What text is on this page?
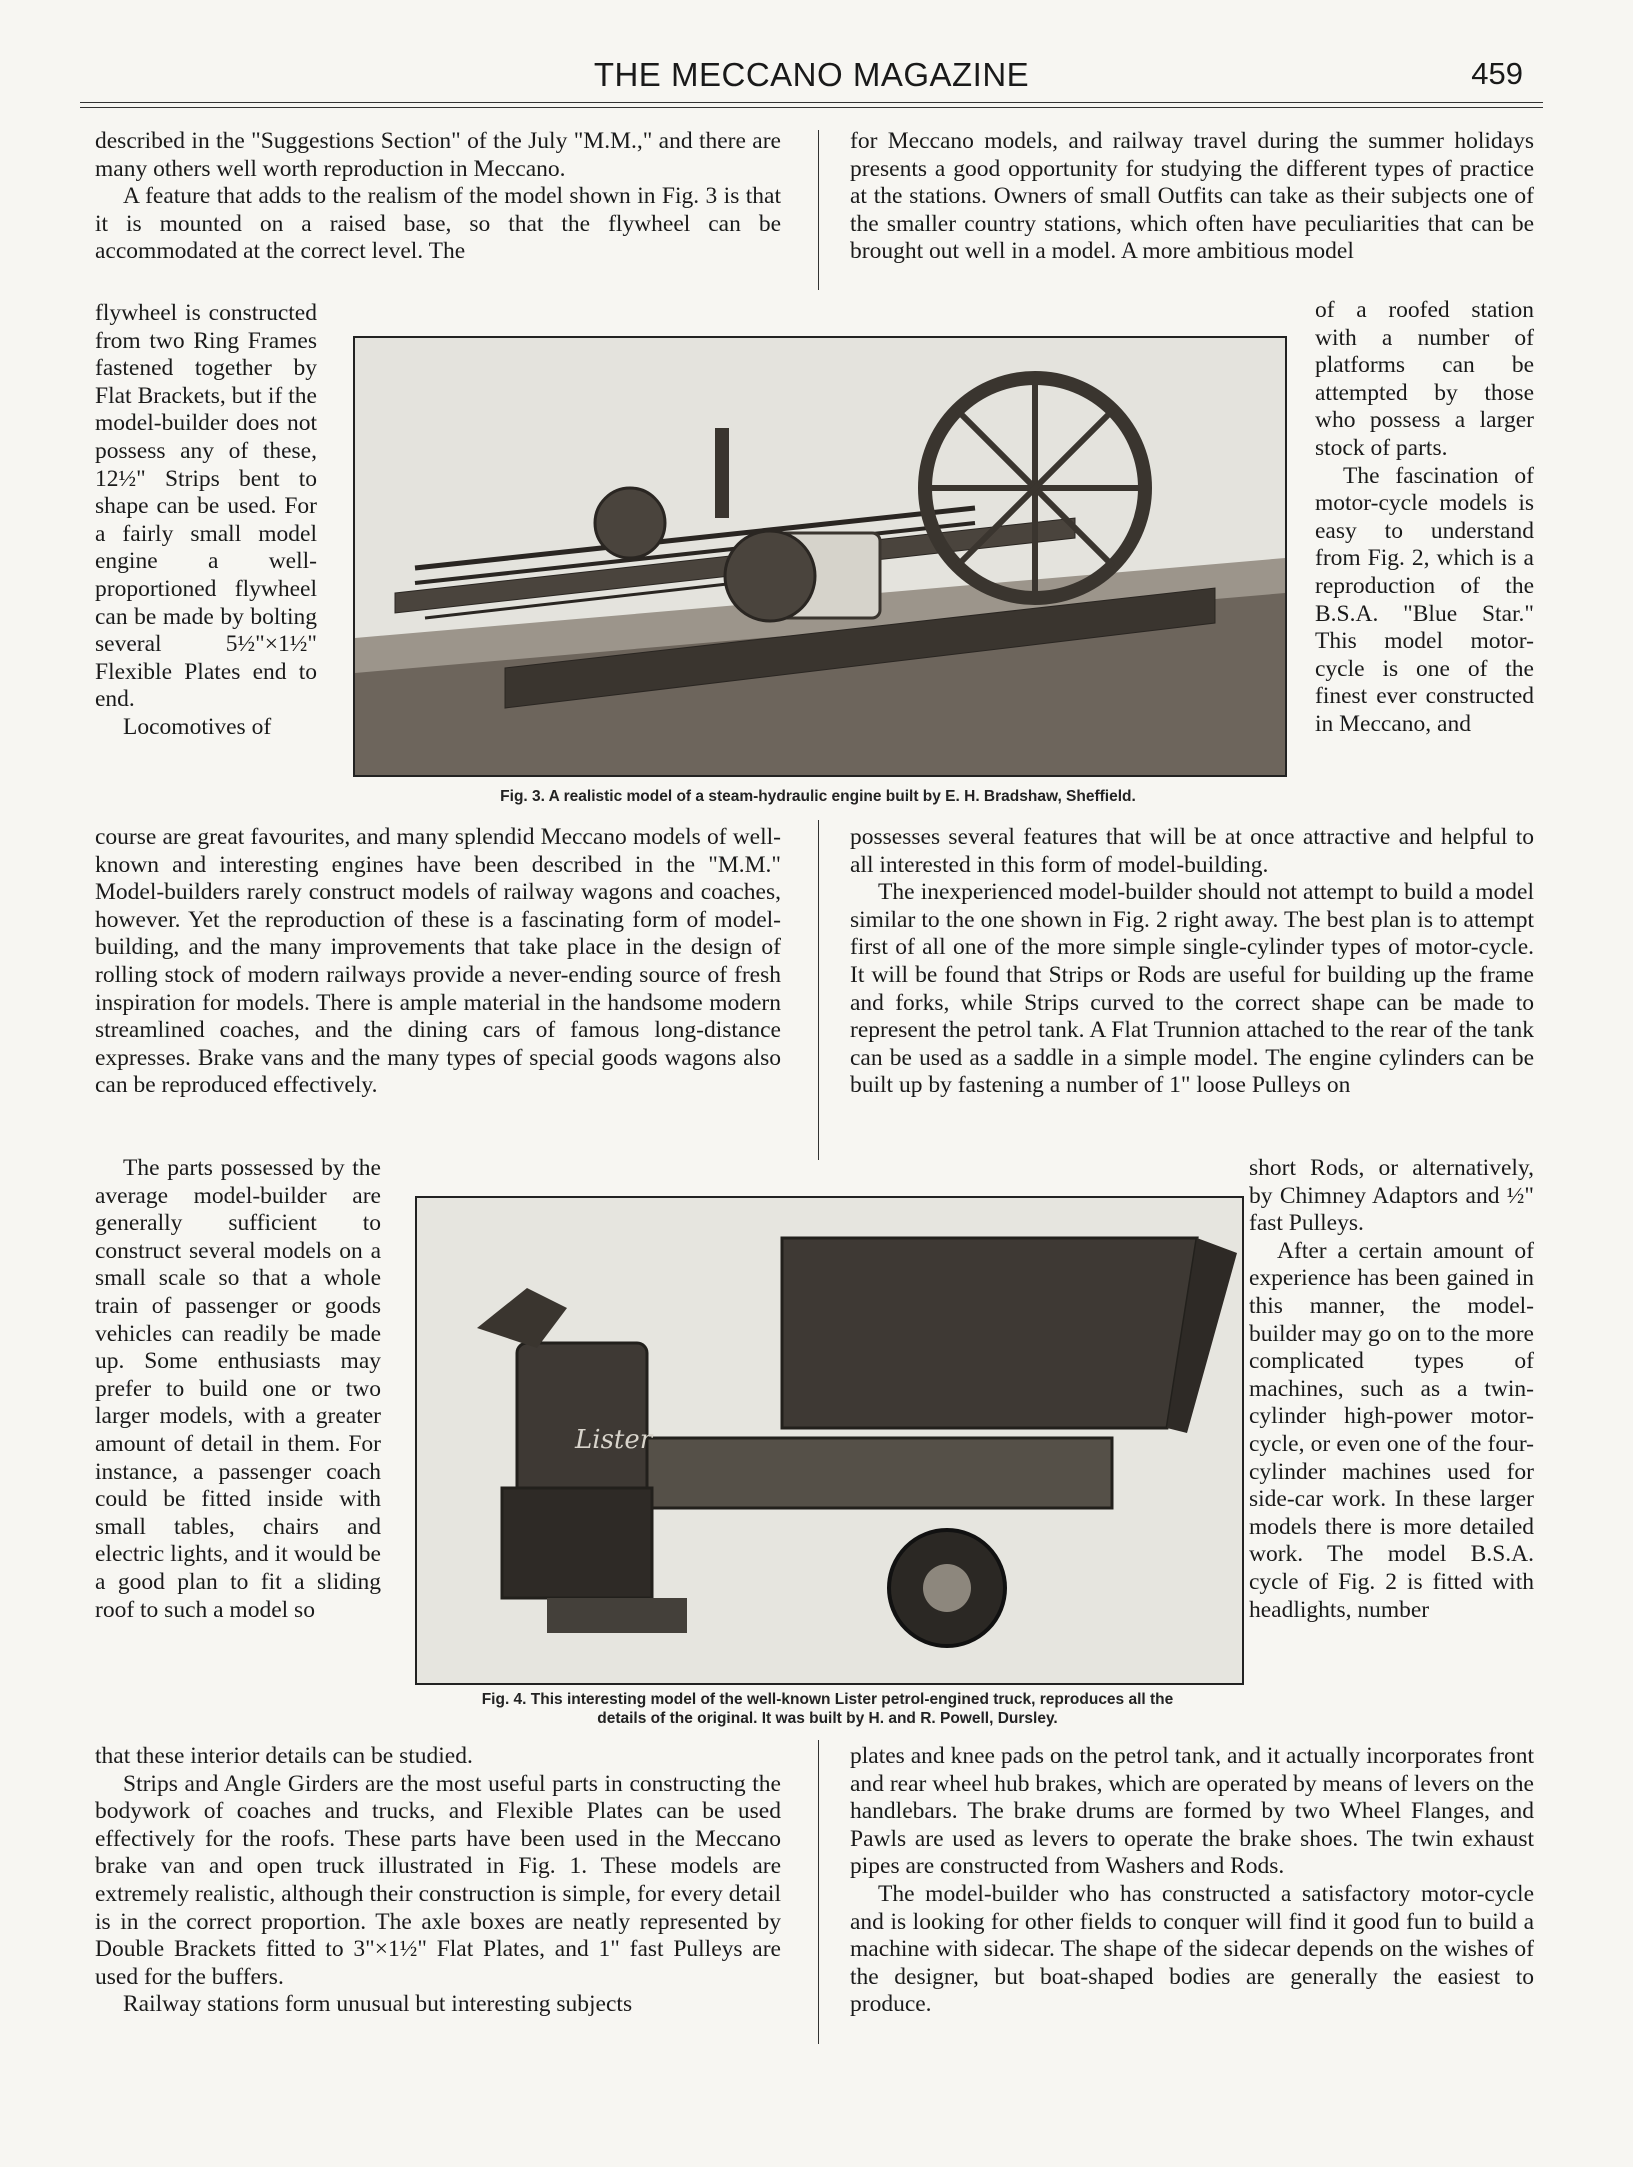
THE MECCANO MAGAZINE	459

described in the "Suggestions Section" of the July "M.M.," and there are many others well worth reproduction in Meccano.

A feature that adds to the realism of the model shown in Fig. 3 is that it is mounted on a raised base, so that the flywheel can be accommodated at the correct level. The

flywheel is constructed from two Ring Frames fastened together by Flat Brackets, but if the model-builder does not possess any of these, 12½" Strips bent to shape can be used. For a fairly small model engine a well-proportioned flywheel can be made by bolting several 5½"×1½" Flexible Plates end to end.

Locomotives of

for Meccano models, and railway travel during the summer holidays presents a good opportunity for studying the different types of practice at the stations. Owners of small Outfits can take as their subjects one of the smaller country stations, which often have peculiarities that can be brought out well in a model. A more ambitious model

of a roofed station with a number of platforms can be attempted by those who possess a larger stock of parts.

The fascination of motor-cycle models is easy to understand from Fig. 2, which is a reproduction of the B.S.A. "Blue Star." This model motor-cycle is one of the finest ever constructed in Meccano, and

Fig. 3. A realistic model of a steam-hydraulic engine built by E. H. Bradshaw, Sheffield.

course are great favourites, and many splendid Meccano models of well-known and interesting engines have been described in the "M.M." Model-builders rarely construct models of railway wagons and coaches, however. Yet the reproduction of these is a fascinating form of model-building, and the many improvements that take place in the design of rolling stock of modern railways provide a never-ending source of fresh inspiration for models. There is ample material in the handsome modern streamlined coaches, and the dining cars of famous long-distance expresses. Brake vans and the many types of special goods wagons also can be reproduced effectively.

The parts possessed by the average model-builder are generally sufficient to construct several models on a small scale so that a whole train of passenger or goods vehicles can readily be made up. Some enthusiasts may prefer to build one or two larger models, with a greater amount of detail in them. For instance, a passenger coach could be fitted inside with small tables, chairs and electric lights, and it would be a good plan to fit a sliding roof to such a model so

possesses several features that will be at once attractive and helpful to all interested in this form of model-building.

The inexperienced model-builder should not attempt to build a model similar to the one shown in Fig. 2 right away. The best plan is to attempt first of all one of the more simple single-cylinder types of motor-cycle. It will be found that Strips or Rods are useful for building up the frame and forks, while Strips curved to the correct shape can be made to represent the petrol tank. A Flat Trunnion attached to the rear of the tank can be used as a saddle in a simple model. The engine cylinders can be built up by fastening a number of 1" loose Pulleys on

short Rods, or alternatively, by Chimney Adaptors and ½" fast Pulleys.

After a certain amount of experience has been gained in this manner, the model-builder may go on to the more complicated types of machines, such as a twin-cylinder high-power motor-cycle, or even one of the four-cylinder machines used for side-car work. In these larger models there is more detailed work. The model B.S.A. cycle of Fig. 2 is fitted with headlights, number

Lister
Fig. 4. This interesting model of the well-known Lister petrol-engined truck, reproduces all the
details of the original. It was built by H. and R. Powell, Dursley.

that these interior details can be studied.

Strips and Angle Girders are the most useful parts in constructing the bodywork of coaches and trucks, and Flexible Plates can be used effectively for the roofs. These parts have been used in the Meccano brake van and open truck illustrated in Fig. 1. These models are extremely realistic, although their construction is simple, for every detail is in the correct proportion. The axle boxes are neatly represented by Double Brackets fitted to 3"×1½" Flat Plates, and 1" fast Pulleys are used for the buffers.

Railway stations form unusual but interesting subjects

plates and knee pads on the petrol tank, and it actually incorporates front and rear wheel hub brakes, which are operated by means of levers on the handlebars. The brake drums are formed by two Wheel Flanges, and Pawls are used as levers to operate the brake shoes. The twin exhaust pipes are constructed from Washers and Rods.

The model-builder who has constructed a satisfactory motor-cycle and is looking for other fields to conquer will find it good fun to build a machine with sidecar. The shape of the sidecar depends on the wishes of the designer, but boat-shaped bodies are generally the easiest to produce.
